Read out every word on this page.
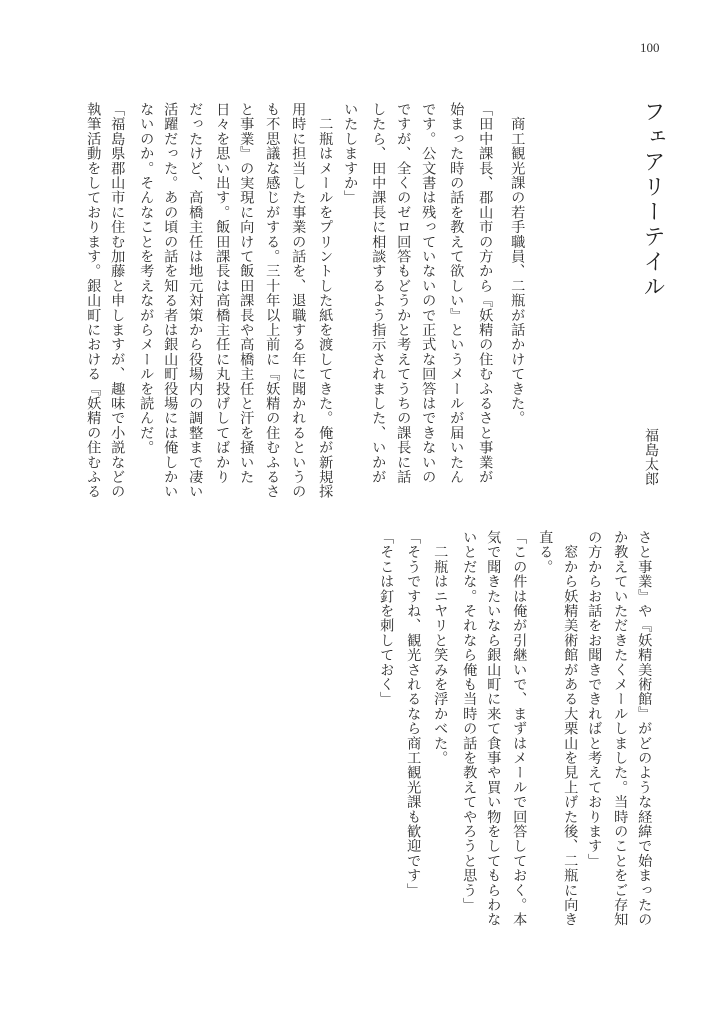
100
フェアリーテイル
福島太郎
　商工観光課の若手職員、二瓶が話かけてきた。
「田中課長、郡山市の方から『妖精の住むふるさと事業が
始まった時の話を教えて欲しい』というメールが届いたん
です。公文書は残っていないので正式な回答はできないの
ですが、全くのゼロ回答もどうかと考えてうちの課長に話
したら、田中課長に相談するよう指示されました、いかが
いたしますか」
　二瓶はメールをプリントした紙を渡してきた。俺が新規採
用時に担当した事業の話を、退職する年に聞かれるというの
も不思議な感じがする。三十年以上前に『妖精の住むふるさ
と事業』の実現に向けて飯田課長や高橋主任と汗を掻いた
日々を思い出す。飯田課長は高橋主任に丸投げしてばかり
だったけど、高橋主任は地元対策から役場内の調整まで凄い
活躍だった。あの頃の話を知る者は銀山町役場には俺しかい
ないのか。そんなことを考えながらメールを読んだ。
「福島県郡山市に住む加藤と申しますが、趣味で小説などの
執筆活動をしております。銀山町における『妖精の住むふる
さと事業』や『妖精美術館』がどのような経緯で始まったの
か教えていただきたくメールしました。当時のことをご存知
の方からお話をお聞きできればと考えております」
　窓から妖精美術館がある大栗山を見上げた後、二瓶に向き
直る。
「この件は俺が引継いで、まずはメールで回答しておく。本
気で聞きたいなら銀山町に来て食事や買い物をしてもらわな
いとだな。それなら俺も当時の話を教えてやろうと思う」
　二瓶はニヤリと笑みを浮かべた。
「そうですね、観光されるなら商工観光課も歓迎です」
「そこは釘を刺しておく」
